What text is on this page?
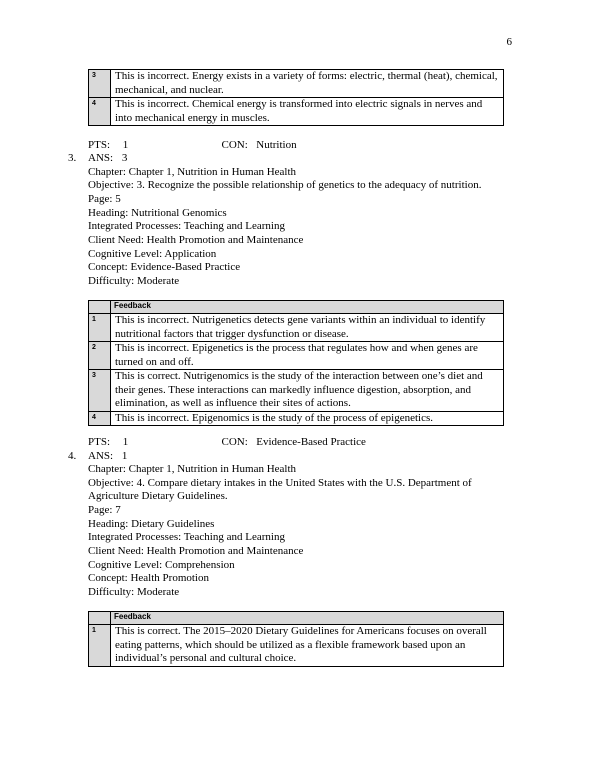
6
3	This is incorrect. Energy exists in a variety of forms: electric, thermal (heat), chemical, mechanical, and nuclear.
4	This is incorrect. Chemical energy is transformed into electric signals in nerves and into mechanical energy in muscles.
PTS: 1	CON: Nutrition
3. ANS: 3
Chapter: Chapter 1, Nutrition in Human Health
Objective: 3. Recognize the possible relationship of genetics to the adequacy of nutrition.
Page: 5
Heading: Nutritional Genomics
Integrated Processes: Teaching and Learning
Client Need: Health Promotion and Maintenance
Cognitive Level: Application
Concept: Evidence-Based Practice
Difficulty: Moderate
	Feedback
1	This is incorrect. Nutrigenetics detects gene variants within an individual to identify nutritional factors that trigger dysfunction or disease.
2	This is incorrect. Epigenetics is the process that regulates how and when genes are turned on and off.
3	This is correct. Nutrigenomics is the study of the interaction between one’s diet and their genes. These interactions can markedly influence digestion, absorption, and elimination, as well as influence their sites of actions.
4	This is incorrect. Epigenomics is the study of the process of epigenetics.
PTS: 1	CON: Evidence-Based Practice
4. ANS: 1
Chapter: Chapter 1, Nutrition in Human Health
Objective: 4. Compare dietary intakes in the United States with the U.S. Department of
Agriculture Dietary Guidelines.
Page: 7
Heading: Dietary Guidelines
Integrated Processes: Teaching and Learning
Client Need: Health Promotion and Maintenance
Cognitive Level: Comprehension
Concept: Health Promotion
Difficulty: Moderate
	Feedback
1	This is correct. The 2015–2020 Dietary Guidelines for Americans focuses on overall eating patterns, which should be utilized as a flexible framework based upon an individual’s personal and cultural choice.
